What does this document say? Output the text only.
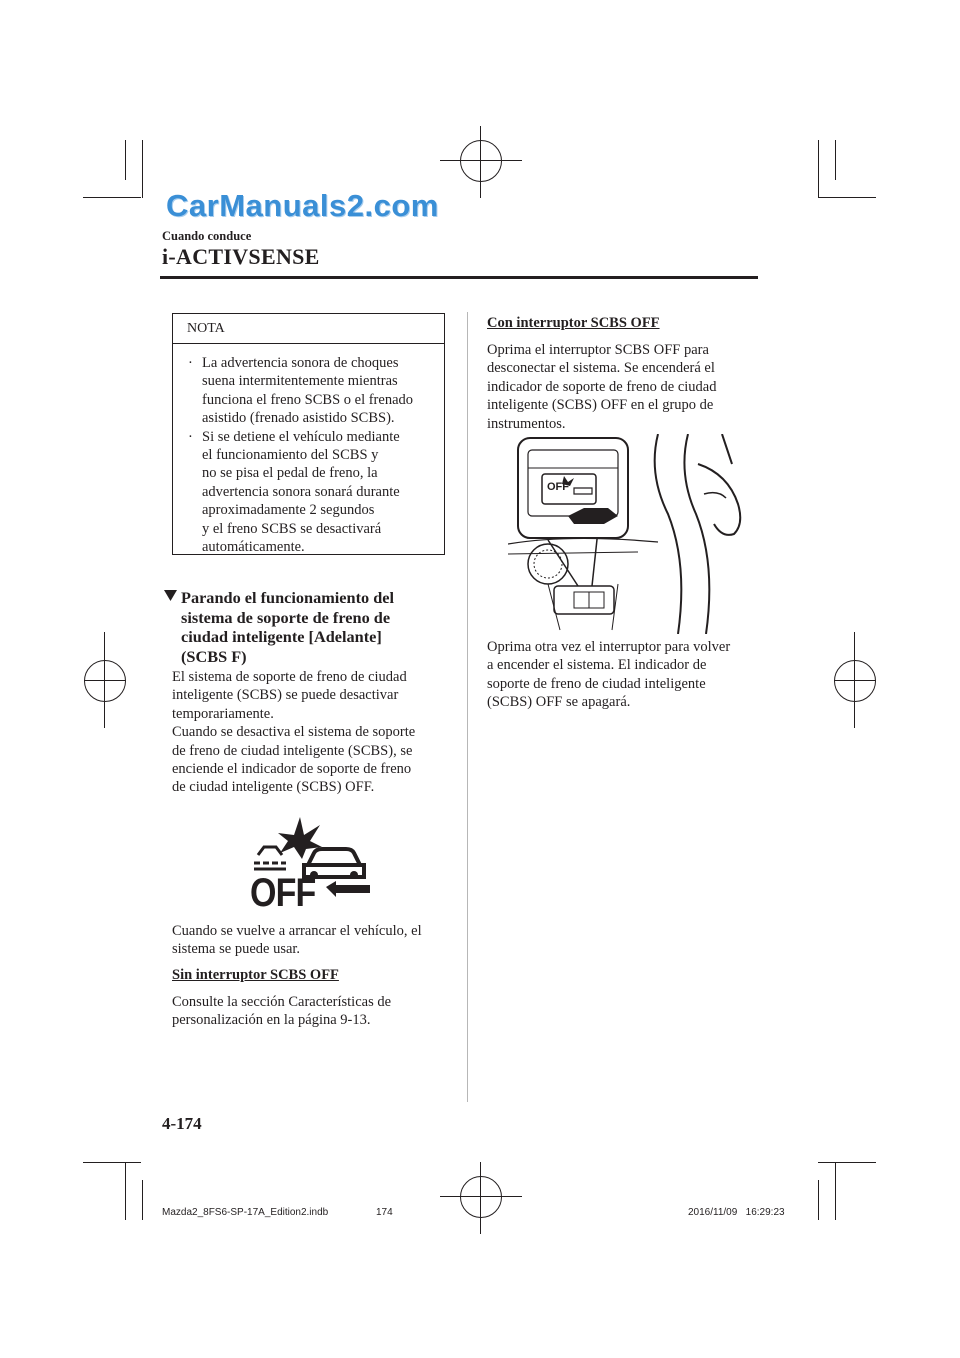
CarManuals2.com
Cuando conduce
i-ACTIVSENSE
NOTA
· La advertencia sonora de choques
suena intermitentemente mientras
funciona el freno SCBS o el frenado
asistido (frenado asistido SCBS).
· Si se detiene el vehículo mediante
el funcionamiento del SCBS y
no se pisa el pedal de freno, la
advertencia sonora sonará durante
aproximadamente 2 segundos
y el freno SCBS se desactivará
automáticamente.
Parando el funcionamiento del
sistema de soporte de freno de
ciudad inteligente [Adelante]
(SCBS F)
El sistema de soporte de freno de ciudad
inteligente (SCBS) se puede desactivar
temporariamente.
Cuando se desactiva el sistema de soporte
de freno de ciudad inteligente (SCBS), se
enciende el indicador de soporte de freno
de ciudad inteligente (SCBS) OFF.
OFF
Cuando se vuelve a arrancar el vehículo, el
sistema se puede usar.
Sin interruptor SCBS OFF
Consulte la sección Características de
personalización en la página 9-13.
Con interruptor SCBS OFF
Oprima el interruptor SCBS OFF para
desconectar el sistema. Se encenderá el
indicador de soporte de freno de ciudad
inteligente (SCBS) OFF en el grupo de
instrumentos.
OFF
Oprima otra vez el interruptor para volver
a encender el sistema. El indicador de
soporte de freno de ciudad inteligente
(SCBS) OFF se apagará.
4-174
Mazda2_8FS6-SP-17A_Edition2.indb	174	2016/11/09   16:29:23
